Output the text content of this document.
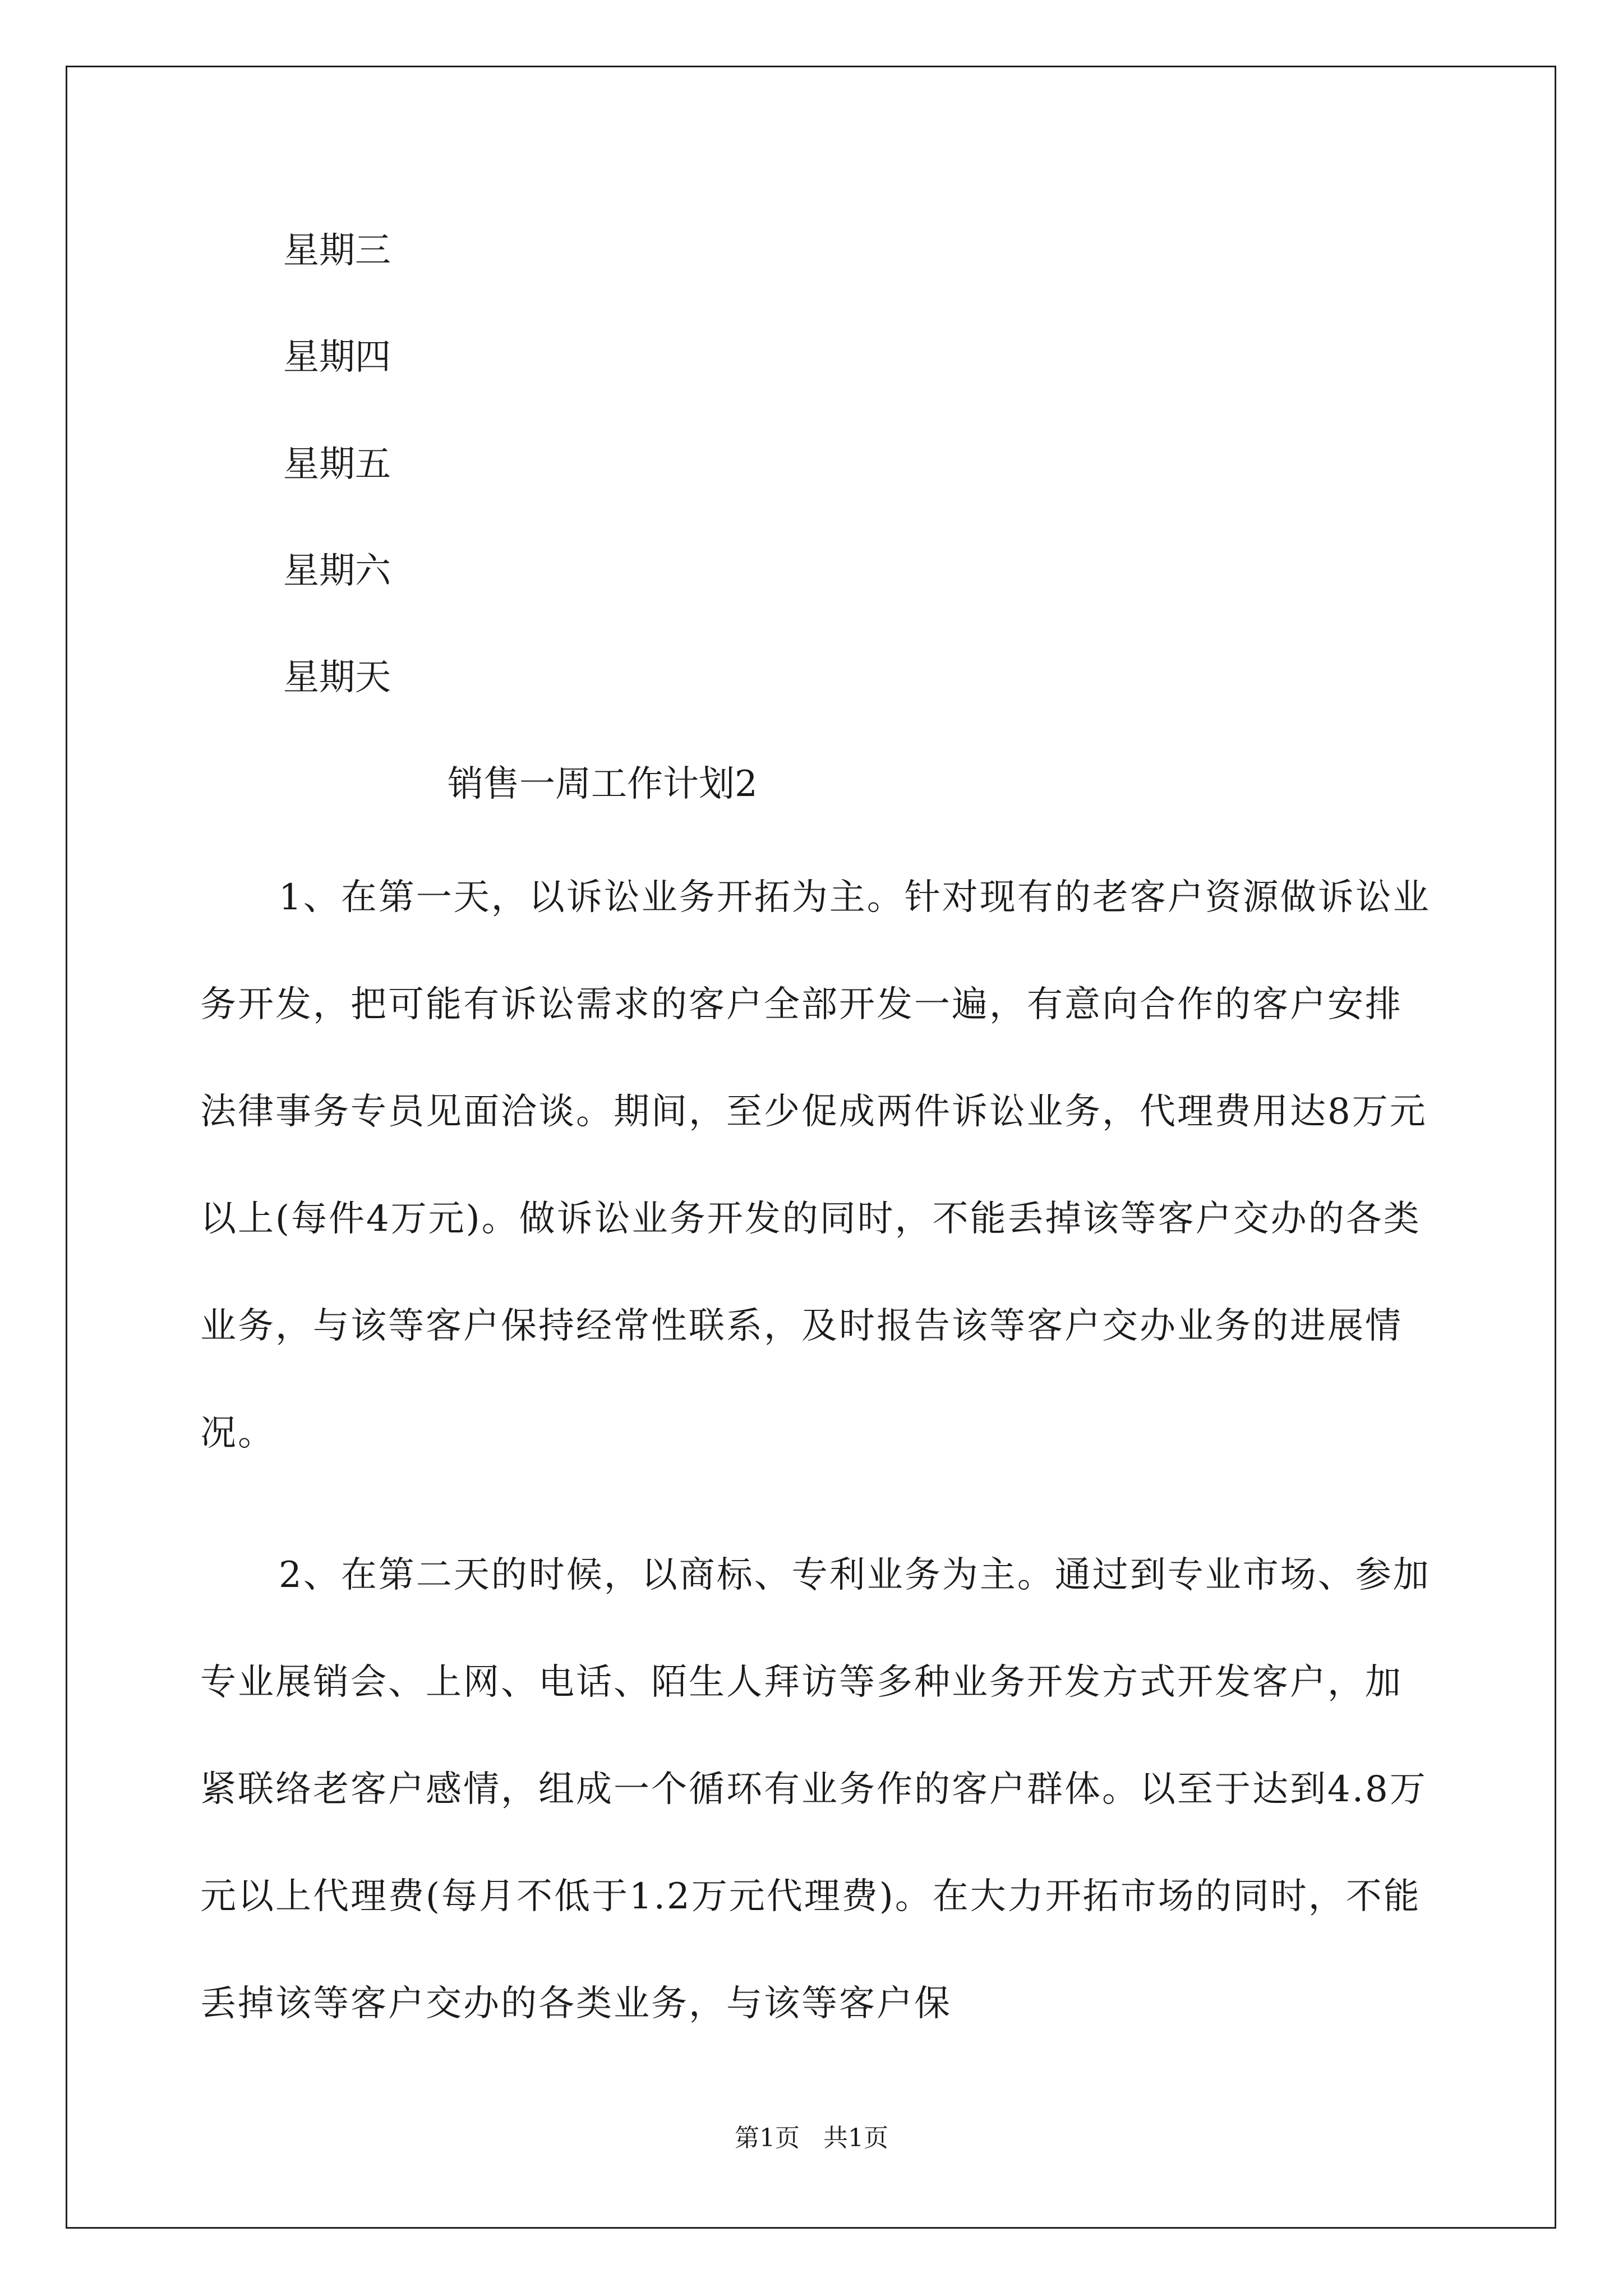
星期三
星期四
星期五
星期六
星期天
销售一周工作计划2

1、在第一天，以诉讼业务开拓为主。针对现有的老客户资源做诉讼业务开发，把可能有诉讼需求的客户全部开发一遍，有意向合作的客户安排法律事务专员见面洽谈。期间，至少促成两件诉讼业务，代理费用达8万元以上(每件4万元)。做诉讼业务开发的同时，不能丢掉该等客户交办的各类业务，与该等客户保持经常性联系，及时报告该等客户交办业务的进展情况。

2、在第二天的时候，以商标、专利业务为主。通过到专业市场、参加专业展销会、上网、电话、陌生人拜访等多种业务开发方式开发客户，加紧联络老客户感情，组成一个循环有业务作的客户群体。以至于达到4.8万元以上代理费(每月不低于1.2万元代理费)。在大力开拓市场的同时，不能丢掉该等客户交办的各类业务，与该等客户保

第1页   共1页
